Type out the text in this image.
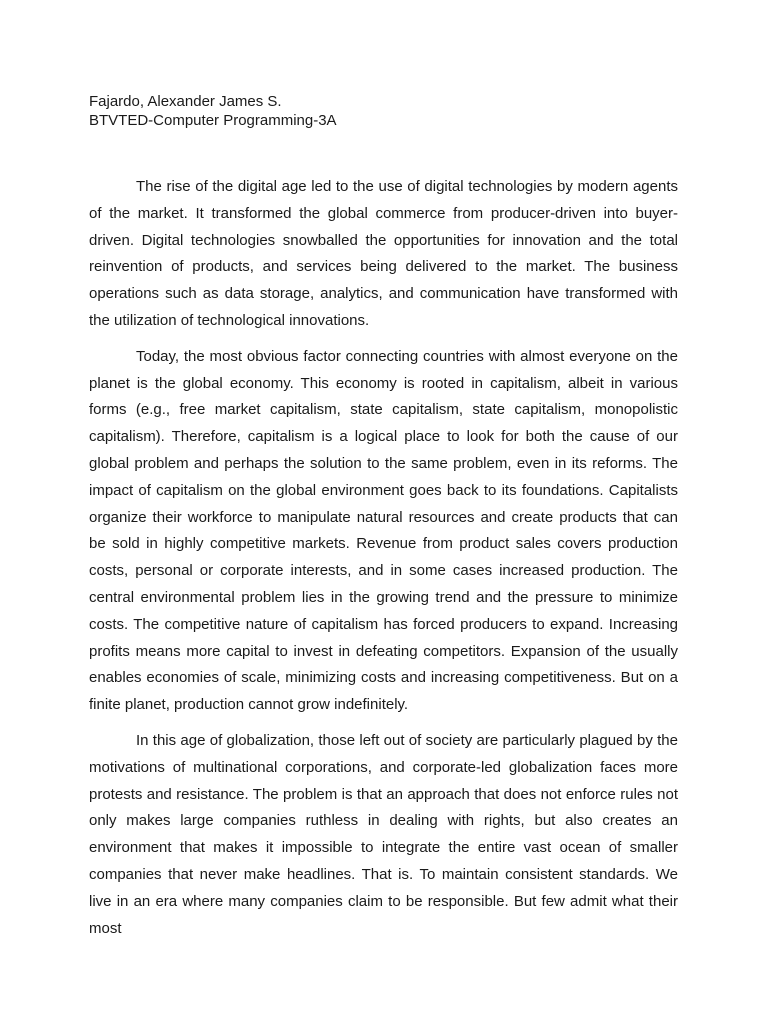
Fajardo, Alexander James S.
BTVTED-Computer Programming-3A

The rise of the digital age led to the use of digital technologies by modern agents of the market. It transformed the global commerce from producer-driven into buyer-driven. Digital technologies snowballed the opportunities for innovation and the total reinvention of products, and services being delivered to the market. The business operations such as data storage, analytics, and communication have transformed with the utilization of technological innovations.

Today, the most obvious factor connecting countries with almost everyone on the planet is the global economy. This economy is rooted in capitalism, albeit in various forms (e.g., free market capitalism, state capitalism, state capitalism, monopolistic capitalism). Therefore, capitalism is a logical place to look for both the cause of our global problem and perhaps the solution to the same problem, even in its reforms. The impact of capitalism on the global environment goes back to its foundations. Capitalists organize their workforce to manipulate natural resources and create products that can be sold in highly competitive markets. Revenue from product sales covers production costs, personal or corporate interests, and in some cases increased production. The central environmental problem lies in the growing trend and the pressure to minimize costs. The competitive nature of capitalism has forced producers to expand. Increasing profits means more capital to invest in defeating competitors. Expansion of the usually enables economies of scale, minimizing costs and increasing competitiveness. But on a finite planet, production cannot grow indefinitely.

In this age of globalization, those left out of society are particularly plagued by the motivations of multinational corporations, and corporate-led globalization faces more protests and resistance. The problem is that an approach that does not enforce rules not only makes large companies ruthless in dealing with rights, but also creates an environment that makes it impossible to integrate the entire vast ocean of smaller companies that never make headlines. That is. To maintain consistent standards. We live in an era where many companies claim to be responsible. But few admit what their most
